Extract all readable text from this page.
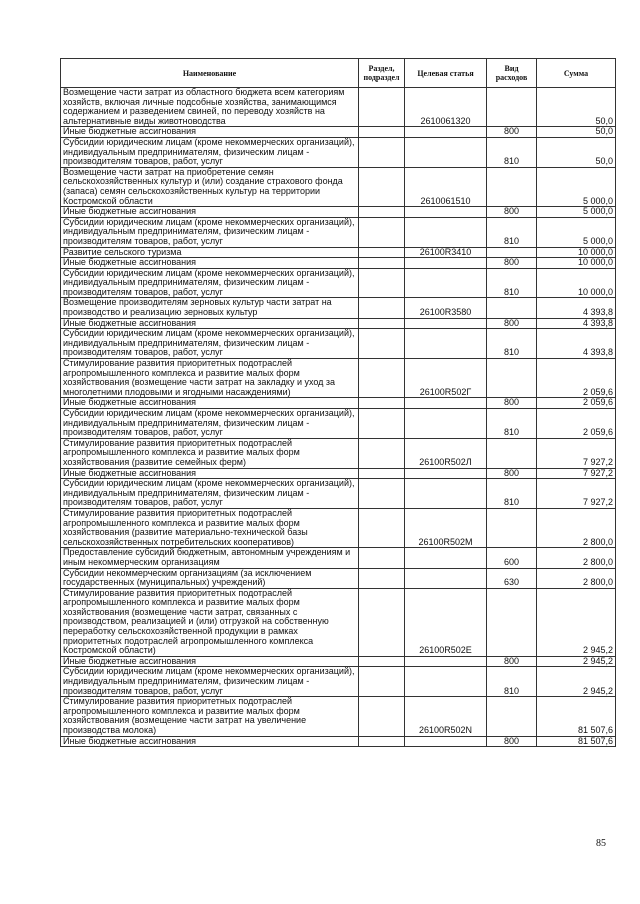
Наименование	Раздел, подраздел	Целевая статья	Вид расходов	Сумма
Возмещение части затрат из областного бюджета всем категориям хозяйств, включая личные подсобные хозяйства, занимающимся содержанием и разведением свиней, по переводу хозяйств на альтернативные виды животноводства		2610061320		50,0
Иные бюджетные ассигнования			800	50,0
Субсидии юридическим лицам (кроме некоммерческих организаций), индивидуальным предпринимателям, физическим лицам - производителям товаров, работ, услуг			810	50,0
Возмещение части затрат на приобретение семян сельскохозяйственных культур и (или) создание страхового фонда (запаса) семян сельскохозяйственных культур на территории Костромской области		2610061510		5 000,0
Иные бюджетные ассигнования			800	5 000,0
Субсидии юридическим лицам (кроме некоммерческих организаций), индивидуальным предпринимателям, физическим лицам - производителям товаров, работ, услуг			810	5 000,0
Развитие сельского туризма		26100R3410		10 000,0
Иные бюджетные ассигнования			800	10 000,0
Субсидии юридическим лицам (кроме некоммерческих организаций), индивидуальным предпринимателям, физическим лицам - производителям товаров, работ, услуг			810	10 000,0
Возмещение производителям зерновых культур части затрат на производство и реализацию зерновых культур		26100R3580		4 393,8
Иные бюджетные ассигнования			800	4 393,8
Субсидии юридическим лицам (кроме некоммерческих организаций), индивидуальным предпринимателям, физическим лицам - производителям товаров, работ, услуг			810	4 393,8
Стимулирование развития приоритетных подотраслей агропромышленного комплекса и развитие малых форм хозяйствования (возмещение части затрат на закладку и уход за многолетними плодовыми и ягодными насаждениями)		26100R502Г		2 059,6
Иные бюджетные ассигнования			800	2 059,6
Субсидии юридическим лицам (кроме некоммерческих организаций), индивидуальным предпринимателям, физическим лицам - производителям товаров, работ, услуг			810	2 059,6
Стимулирование развития приоритетных подотраслей агропромышленного комплекса и развитие малых форм хозяйствования (развитие семейных ферм)		26100R502Л		7 927,2
Иные бюджетные ассигнования			800	7 927,2
Субсидии юридическим лицам (кроме некоммерческих организаций), индивидуальным предпринимателям, физическим лицам - производителям товаров, работ, услуг			810	7 927,2
Стимулирование развития приоритетных подотраслей агропромышленного комплекса и развитие малых форм хозяйствования (развитие материально-технической базы сельскохозяйственных потребительских кооперативов)		26100R502M		2 800,0
Предоставление субсидий бюджетным, автономным учреждениям и иным некоммерческим организациям			600	2 800,0
Субсидии некоммерческим организациям (за исключением государственных (муниципальных) учреждений)			630	2 800,0
Стимулирование развития приоритетных подотраслей агропромышленного комплекса и развитие малых форм хозяйствования (возмещение части затрат, связанных с производством, реализацией и (или) отгрузкой на собственную переработку сельскохозяйственной продукции в рамках приоритетных подотраслей агропромышленного комплекса Костромской области)		26100R502E		2 945,2
Иные бюджетные ассигнования			800	2 945,2
Субсидии юридическим лицам (кроме некоммерческих организаций), индивидуальным предпринимателям, физическим лицам - производителям товаров, работ, услуг			810	2 945,2
Стимулирование развития приоритетных подотраслей агропромышленного комплекса и развитие малых форм хозяйствования (возмещение части затрат на увеличение производства молока)		26100R502N		81 507,6
Иные бюджетные ассигнования			800	81 507,6
85
